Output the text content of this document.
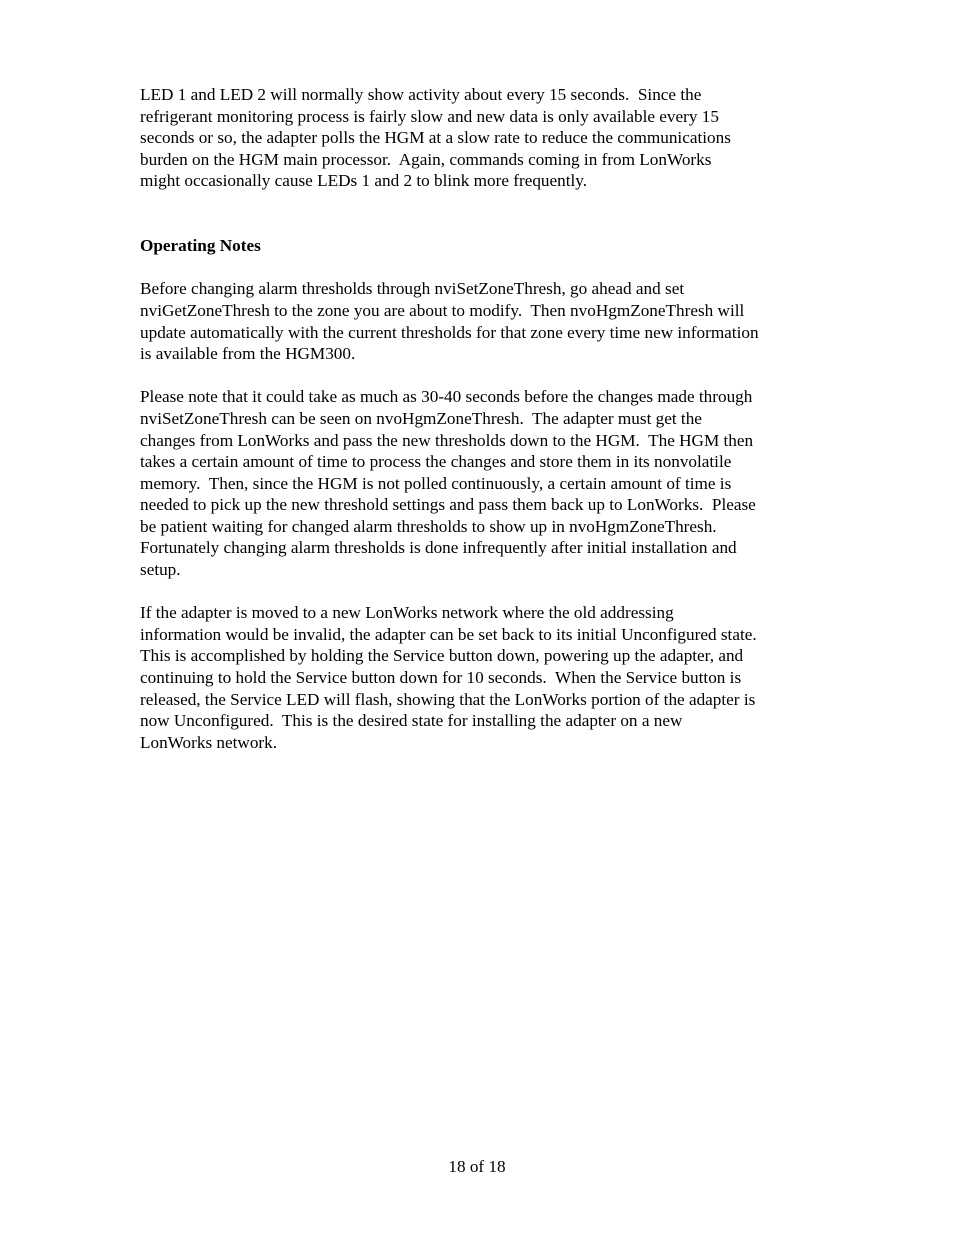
LED 1 and LED 2 will normally show activity about every 15 seconds.  Since the
refrigerant monitoring process is fairly slow and new data is only available every 15
seconds or so, the adapter polls the HGM at a slow rate to reduce the communications
burden on the HGM main processor.  Again, commands coming in from LonWorks
might occasionally cause LEDs 1 and 2 to blink more frequently.
Operating Notes
Before changing alarm thresholds through nviSetZoneThresh, go ahead and set
nviGetZoneThresh to the zone you are about to modify.  Then nvoHgmZoneThresh will
update automatically with the current thresholds for that zone every time new information
is available from the HGM300.
Please note that it could take as much as 30-40 seconds before the changes made through
nviSetZoneThresh can be seen on nvoHgmZoneThresh.  The adapter must get the
changes from LonWorks and pass the new thresholds down to the HGM.  The HGM then
takes a certain amount of time to process the changes and store them in its nonvolatile
memory.  Then, since the HGM is not polled continuously, a certain amount of time is
needed to pick up the new threshold settings and pass them back up to LonWorks.  Please
be patient waiting for changed alarm thresholds to show up in nvoHgmZoneThresh.
Fortunately changing alarm thresholds is done infrequently after initial installation and
setup.
If the adapter is moved to a new LonWorks network where the old addressing
information would be invalid, the adapter can be set back to its initial Unconfigured state.
This is accomplished by holding the Service button down, powering up the adapter, and
continuing to hold the Service button down for 10 seconds.  When the Service button is
released, the Service LED will flash, showing that the LonWorks portion of the adapter is
now Unconfigured.  This is the desired state for installing the adapter on a new
LonWorks network.
18 of 18
